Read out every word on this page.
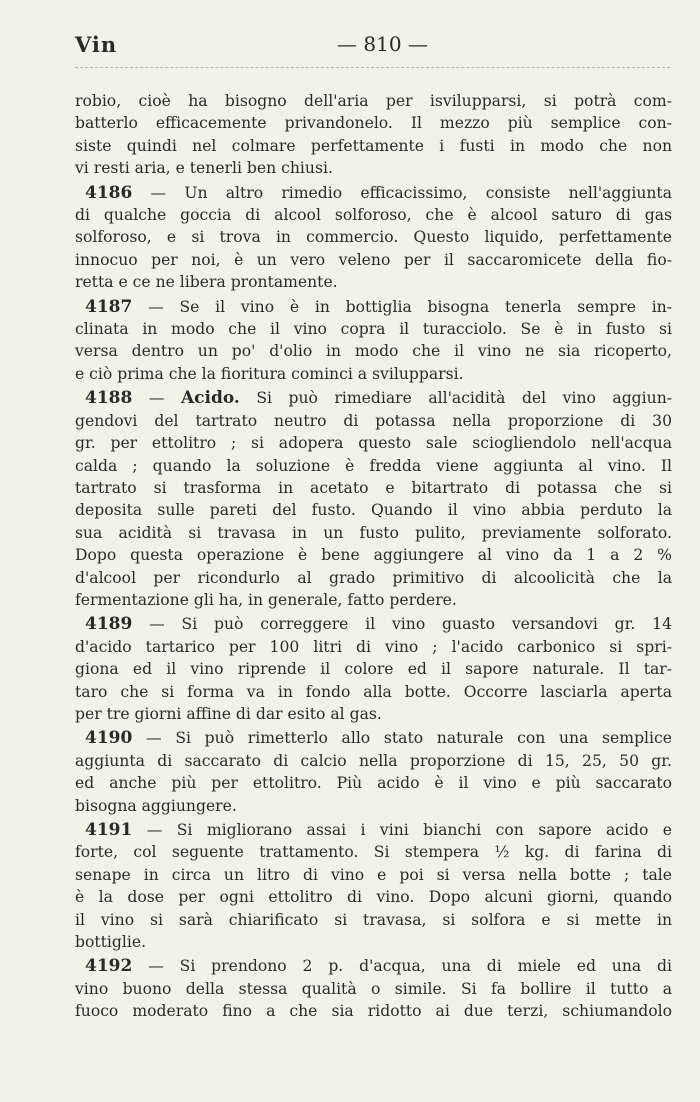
Vin	— 810 —
robio, cioè ha bisogno dell'aria per isvilupparsi, si potrà com-
batterlo efficacemente privandonelo. Il mezzo più semplice con-
siste quindi nel colmare perfettamente i fusti in modo che non
vi resti aria, e tenerli ben chiusi.
4186 — Un altro rimedio efficacissimo, consiste nell'aggiunta
di qualche goccia di alcool solforoso, che è alcool saturo di gas
solforoso, e si trova in commercio. Questo liquido, perfettamente
innocuo per noi, è un vero veleno per il saccaromicete della fio-
retta e ce ne libera prontamente.
4187 — Se il vino è in bottiglia bisogna tenerla sempre in-
clinata in modo che il vino copra il turacciolo. Se è in fusto si
versa dentro un po' d'olio in modo che il vino ne sia ricoperto,
e ciò prima che la fioritura cominci a svilupparsi.
4188 — Acido. Si può rimediare all'acidità del vino aggiun-
gendovi del tartrato neutro di potassa nella proporzione di 30
gr. per ettolitro ; si adopera questo sale sciogliendolo nell'acqua
calda ; quando la soluzione è fredda viene aggiunta al vino. Il
tartrato si trasforma in acetato e bitartrato di potassa che si
deposita sulle pareti del fusto. Quando il vino abbia perduto la
sua acidità si travasa in un fusto pulito, previamente solforato.
Dopo questa operazione è bene aggiungere al vino da 1 a 2 %
d'alcool per ricondurlo al grado primitivo di alcoolicità che la
fermentazione gli ha, in generale, fatto perdere.
4189 — Si può correggere il vino guasto versandovi gr. 14
d'acido tartarico per 100 litri di vino ; l'acido carbonico si spri-
giona ed il vino riprende il colore ed il sapore naturale. Il tar-
taro che si forma va in fondo alla botte. Occorre lasciarla aperta
per tre giorni affine di dar esito al gas.
4190 — Si può rimetterlo allo stato naturale con una semplice
aggiunta di saccarato di calcio nella proporzione di 15, 25, 50 gr.
ed anche più per ettolitro. Più acido è il vino e più saccarato
bisogna aggiungere.
4191 — Si migliorano assai i vini bianchi con sapore acido e
forte, col seguente trattamento. Si stempera ½ kg. di farina di
senape in circa un litro di vino e poi si versa nella botte ; tale
è la dose per ogni ettolitro di vino. Dopo alcuni giorni, quando
il vino si sarà chiarificato si travasa, si solfora e si mette in
bottiglie.
4192 — Si prendono 2 p. d'acqua, una di miele ed una di
vino buono della stessa qualità o simile. Si fa bollire il tutto a
fuoco moderato fino a che sia ridotto ai due terzi, schiumandolo
